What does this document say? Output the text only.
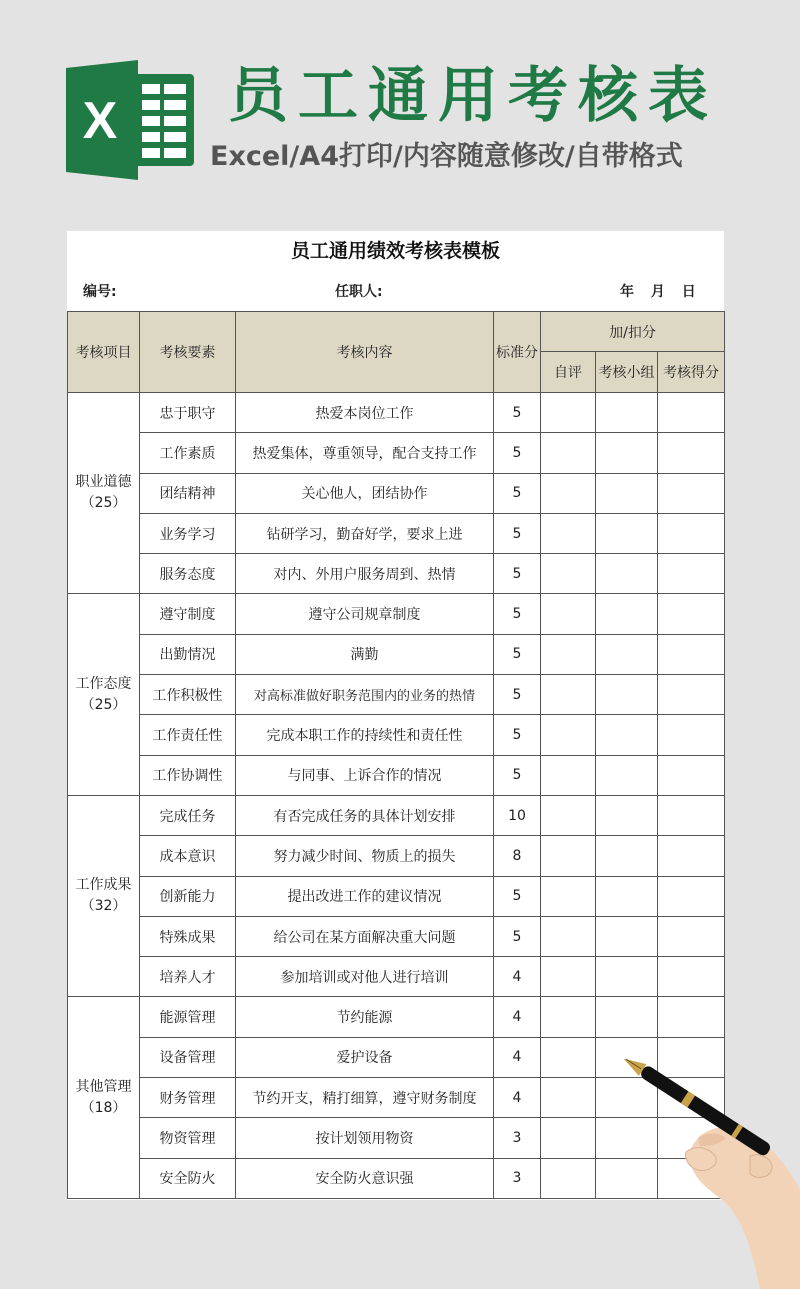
X 员工通用考核表
Excel/A4打印/内容随意修改/自带格式
员工通用绩效考核表模板
编号:	任职人:	年 月 日
考核项目	考核要素	考核内容	标准分	加/扣分		
				自评	考核小组	考核得分
职业道德
（25）	忠于职守	热爱本岗位工作	5			
	工作素质	热爱集体，尊重领导，配合支持工作	5			
	团结精神	关心他人，团结协作	5			
	业务学习	钻研学习，勤奋好学，要求上进	5			
	服务态度	对内、外用户服务周到、热情	5			
工作态度
（25）	遵守制度	遵守公司规章制度	5			
	出勤情况	满勤	5			
	工作积极性	对高标准做好职务范围内的业务的热情	5			
	工作责任性	完成本职工作的持续性和责任性	5			
	工作协调性	与同事、上诉合作的情况	5			
工作成果
（32）	完成任务	有否完成任务的具体计划安排	10			
	成本意识	努力减少时间、物质上的损失	8			
	创新能力	提出改进工作的建议情况	5			
	特殊成果	给公司在某方面解决重大问题	5			
	培养人才	参加培训或对他人进行培训	4			
其他管理
（18）	能源管理	节约能源	4			
	设备管理	爱护设备	4			
	财务管理	节约开支，精打细算，遵守财务制度	4			
	物资管理	按计划领用物资	3			
	安全防火	安全防火意识强	3			
